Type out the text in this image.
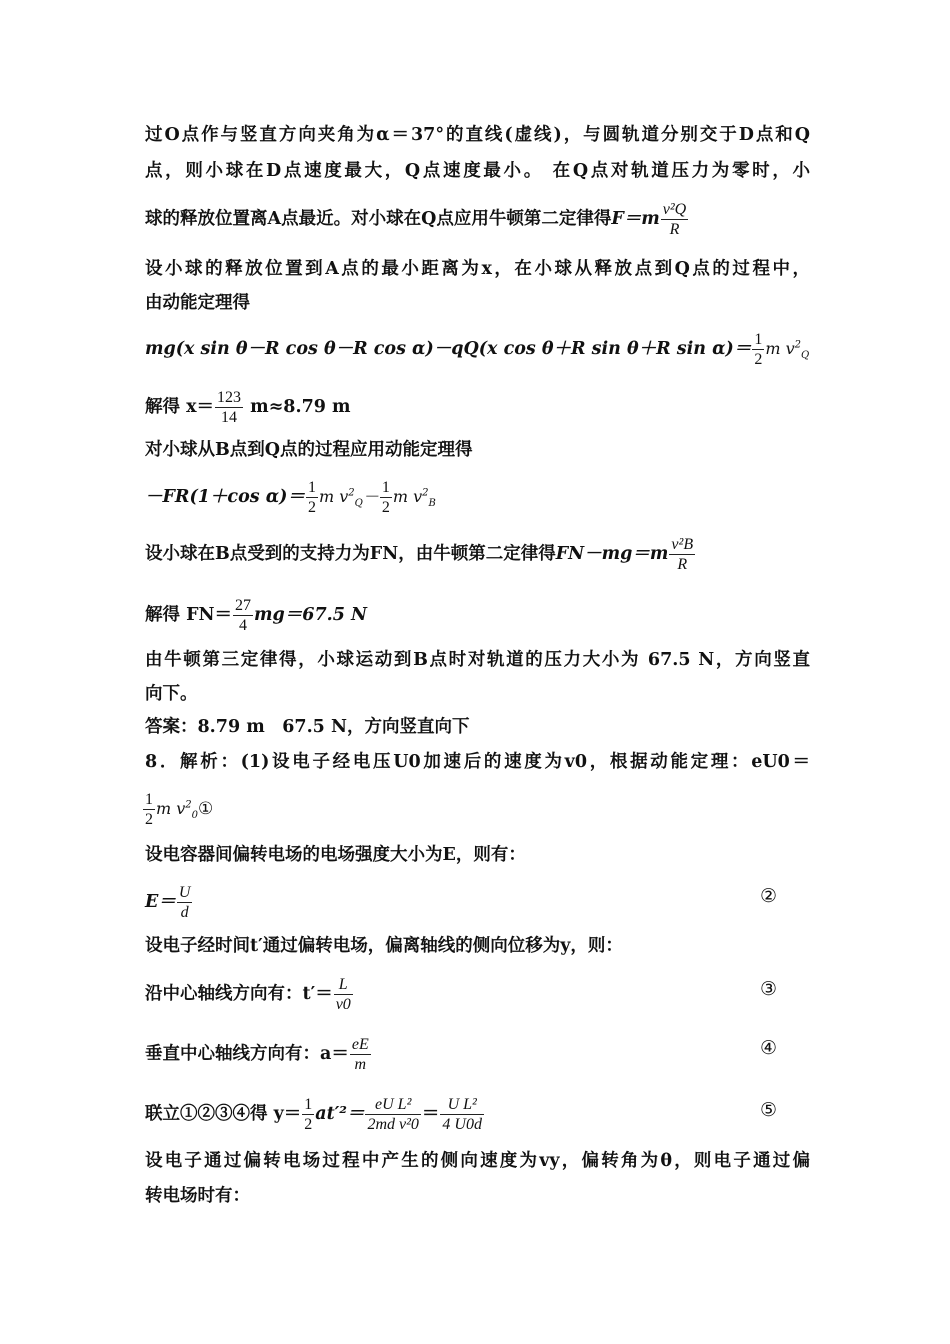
过O点作与竖直方向夹角为α＝37°的直线(虚线)，与圆轨道分别交于D点和Q
点，则小球在D点速度最大，Q点速度最小。 在Q点对轨道压力为零时，小
球的释放位置离A点最近。对小球在Q点应用牛顿第二定律得$F=m \frac{\text{v²Q}}{R}$
设小球的释放位置到A点的最小距离为x，在小球从释放点到Q点的过程中，
由动能定理得
mg(x sin θ－R cos θ－R cos α)－qQ(x cos θ＋R sin θ＋R $\sin \alpha)= \frac{1}{2}$ m $v^2_Q$
解得 $x= \frac{123}{14} m\approx 8.79$ m
对小球从B点到Q点的过程应用动能定理得
－FR(1＋cos $\alpha)= \frac{1}{2}$ m $v^2_Q- \frac{1}{2}$ m $v^2_B$
设小球在B点受到的支持力为FN，由牛顿第二定律得$FN-mg=m \frac{\text{v²B}}{R}$
解得 $FN= \frac{27}{4} mg=67.5$ N
由牛顿第三定律得，小球运动到B点时对轨道的压力大小为 67.5 N，方向竖直
向下。
答案：8.79 m　67.5 N，方向竖直向下
8．解析：(1)设电子经电压U0加速后的速度为v0，根据动能定理：eU0＝
$\frac{1}{2}$ m $v^2_0①$
设电容器间偏转电场的电场强度大小为E，则有：
$E= \frac{U}{d}$	②
设电子经时间t′通过偏转电场，偏离轴线的侧向位移为y，则：
沿中心轴线方向有：$t'= \frac{L}{v0}$	③
垂直中心轴线方向有：$a= \frac{eE}{m}$	④
联立①②③④得 $y= \frac{1}{2} at'^2= \frac{\text{eU L²}}{\text{2md v²0}} = \frac{\text{U L²}}{4 U0d}$	⑤
设电子通过偏转电场过程中产生的侧向速度为vy，偏转角为θ，则电子通过偏
转电场时有：
